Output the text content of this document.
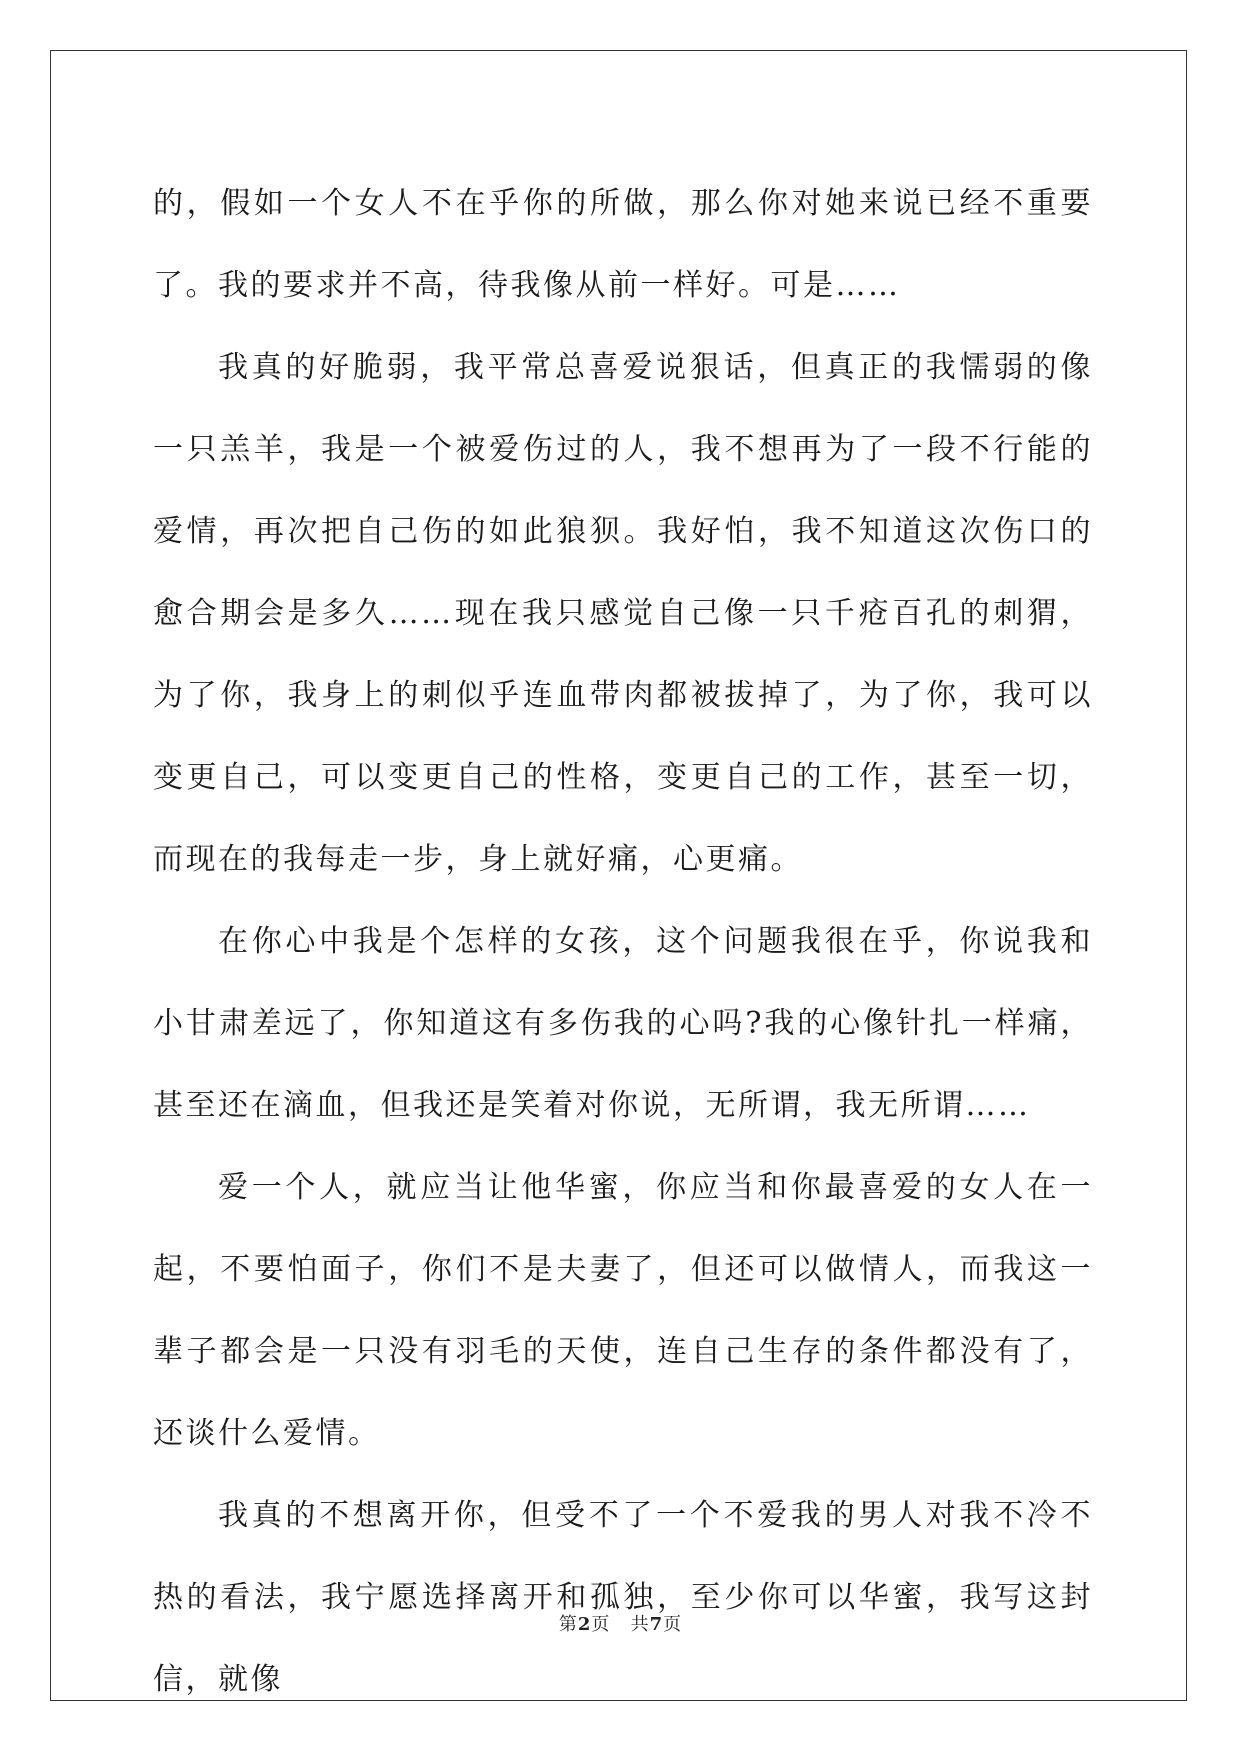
的，假如一个女人不在乎你的所做，那么你对她来说已经不重要了。我的要求并不高，待我像从前一样好。可是……

我真的好脆弱，我平常总喜爱说狠话，但真正的我懦弱的像一只羔羊，我是一个被爱伤过的人，我不想再为了一段不行能的爱情，再次把自己伤的如此狼狈。我好怕，我不知道这次伤口的愈合期会是多久……现在我只感觉自己像一只千疮百孔的刺猬，为了你，我身上的刺似乎连血带肉都被拔掉了，为了你，我可以变更自己，可以变更自己的性格，变更自己的工作，甚至一切，而现在的我每走一步，身上就好痛，心更痛。

在你心中我是个怎样的女孩，这个问题我很在乎，你说我和小甘肃差远了，你知道这有多伤我的心吗?我的心像针扎一样痛，甚至还在滴血，但我还是笑着对你说，无所谓，我无所谓……

爱一个人，就应当让他华蜜，你应当和你最喜爱的女人在一起，不要怕面子，你们不是夫妻了，但还可以做情人，而我这一辈子都会是一只没有羽毛的天使，连自己生存的条件都没有了，还谈什么爱情。

我真的不想离开你，但受不了一个不爱我的男人对我不冷不热的看法，我宁愿选择离开和孤独，至少你可以华蜜，我写这封信，就像

第2页 共7页
